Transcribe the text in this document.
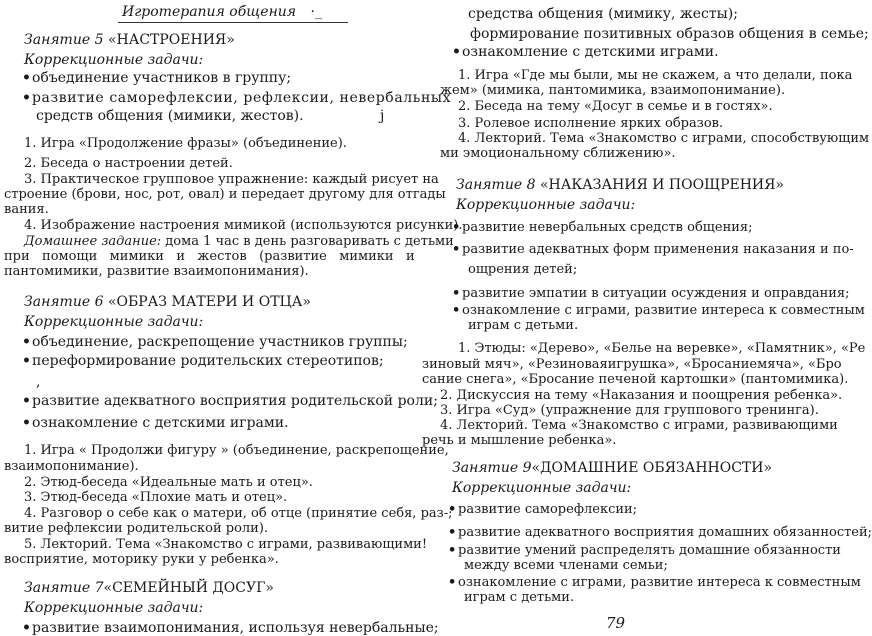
Игротерапия общения ·_
Занятие 5 «НАСТРОЕНИЯ»
Коррекционные задачи:
• объединение участников в группу;
• развитие саморефлексии, рефлексии, невербальных
средств общения (мимики, жестов).	j
1. Игра «Продолжение фразы» (объединение).
2. Беседа о настроении детей.
3. Практическое групповое упражнение: каждый рисует на
строение (брови, нос, рот, овал) и передает другому для отгады
вания.
4. Изображение настроения мимикой (используются рисунки).
Домашнее задание: дома 1 час в день разговаривать с детьми
при   помощи   мимики   и   жестов   (развитие   мимики   и
пантомимики, развитие взаимопонимания).
Занятие 6 «ОБРАЗ МАТЕРИ И ОТЦА»
Коррекционные задачи:
• объединение, раскрепощение участников группы;
• переформирование родительских стереотипов;
,
• развитие адекватного восприятия родительской роли;
• ознакомление с детскими играми.
1. Игра « Продолжи фигуру » (объединение, раскрепощение,
взаимопонимание).
2. Этюд-беседа «Идеальные мать и отец».
3. Этюд-беседа «Плохие мать и отец».
4. Разговор о себе как о матери, об отце (принятие себя, раз-;
витие рефлексии родительской роли).
5. Лекторий. Тема «Знакомство с играми, развивающими!
восприятие, моторику руки у ребенка».
Занятие 7«СЕМЕЙНЫЙ ДОСУГ»
Коррекционные задачи:
• развитие взаимопонимания, используя невербальные;
средства общения (мимику, жесты);
формирование позитивных образов общения в семье;
• ознакомление с детскими играми.
1. Игра «Где мы были, мы не скажем, а что делали, пока
жем» (мимика, пантомимика, взаимопонимание).
2. Беседа на тему «Досуг в семье и в гостях».
3. Ролевое исполнение ярких образов.
4. Лекторий. Тема «Знакомство с играми, способствующим
ми эмоциональному сближению».
Занятие 8 «НАКАЗАНИЯ И ПООЩРЕНИЯ»
Коррекционные задачи:
• развитие невербальных средств общения;
• развитие адекватных форм применения наказания и по-
ощрения детей;
• развитие эмпатии в ситуации осуждения и оправдания;
• ознакомление с играми, развитие интереса к совместным
играм с детьми.
1. Этюды: «Дерево», «Белье на веревке», «Памятник», «Ре
зиновый мяч», «Резиноваяигрушка», «Бросаниемяча», «Бро
сание снега», «Бросание печеной картошки» (пантомимика).
2. Дискуссия на тему «Наказания и поощрения ребенка».
3. Игра «Суд» (упражнение для группового тренинга).
4. Лекторий. Тема «Знакомство с играми, развивающими
речь и мышление ребенка».
Занятие 9«ДОМАШНИЕ ОБЯЗАННОСТИ»
Коррекционные задачи:
• развитие саморефлексии;
• развитие адекватного восприятия домашних обязанностей;
• развитие умений распределять домашние обязанности
между всеми членами семьи;
• ознакомление с играми, развитие интереса к совместным
играм с детьми.
79
